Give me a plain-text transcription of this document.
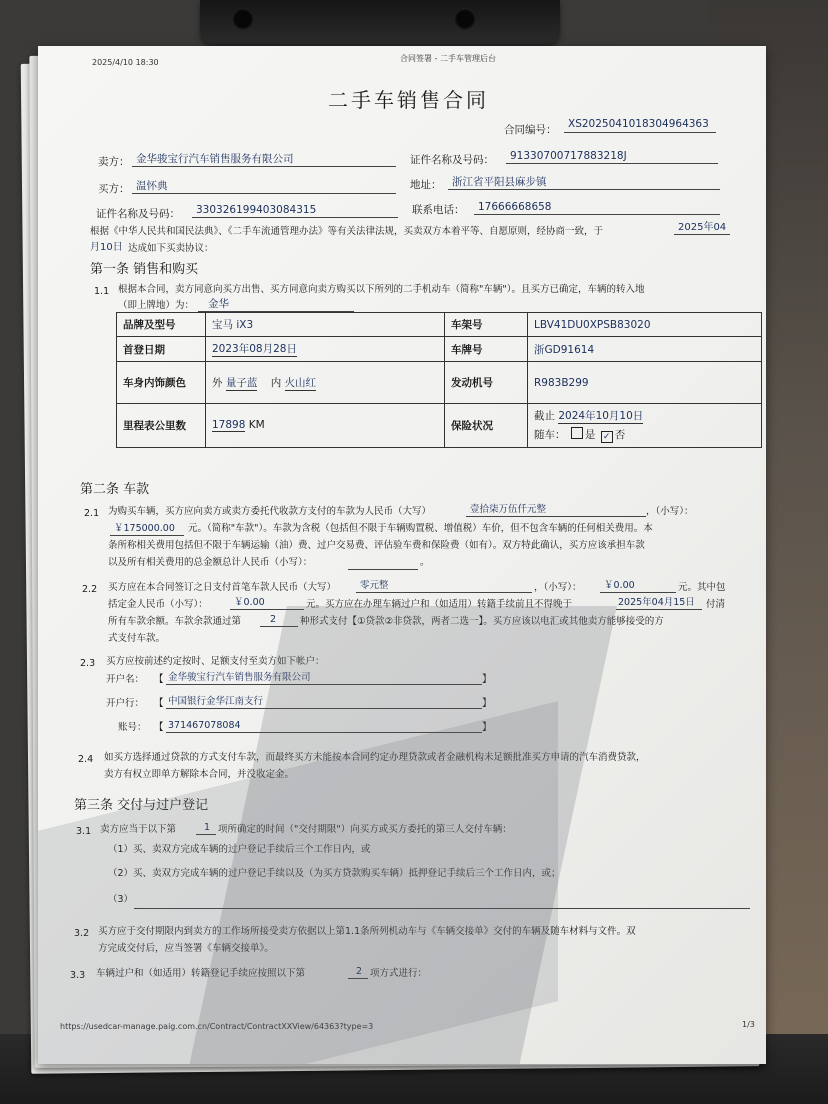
2025/4/10 18:30	合同签署 - 二手车管理后台
二手车销售合同
合同编号： XS2025041018304964363
卖方： 金华骏宝行汽车销售服务有限公司	证件名称及号码： 91330700717883218J
买方： 温怀典	地址： 浙江省平阳县麻步镇
证件名称及号码： 330326199403084315	联系电话： 17666668658
根据《中华人民共和国民法典》、《二手车流通管理办法》等有关法律法规，买卖双方本着平等、自愿原则，经协商一致，于	2025年04
月10日 达成如下买卖协议：
第一条 销售和购买
1.1 根据本合同，卖方同意向买方出售、买方同意向卖方购买以下所列的二手机动车（简称"车辆"）。且买方已确定，车辆的转入地
（即上牌地）为： 金华
品牌及型号	宝马 iX3	车架号	LBV41DU0XPSB83020
首登日期	2023年08月28日	车牌号	浙GD91614
车身内饰颜色	外 量子蓝 内 火山红	发动机号	R983B299
里程表公里数	17898 KM	保险状况	截止 2024年10月10日
随车： 是 ✓ 否
第二条 车款
2.1 为购买车辆，买方应向卖方或卖方委托代收款方支付的车款为人民币（大写）	壹拾柒万伍仟元整	，（小写）：
￥175000.00 元。（简称"车款"）。车款为含税（包括但不限于车辆购置税、增值税）车价，但不包含车辆的任何相关费用。本
条所称相关费用包括但不限于车辆运输（油）费、过户交易费、评估验车费和保险费（如有）。双方特此确认，买方应该承担车款
以及所有相关费用的总金额总计人民币（小写）：	。
2.2 买方应在本合同签订之日支付首笔车款人民币（大写）	零元整	，（小写）： ￥0.00	元。其中包
括定金人民币（小写）：	￥0.00	元。买方应在办理车辆过户和（如适用）转籍手续前且不得晚于	2025年04月15日 付清
所有车款余额。车款余款通过第	2	种形式支付【①贷款②非贷款，两者二选一】。买方应该以电汇或其他卖方能够接受的方
式支付车款。
2.3 买方应按前述约定按时、足额支付至卖方如下帐户：
开户名： 【 金华骏宝行汽车销售服务有限公司	】
开户行： 【 中国银行金华江南支行	】
账号： 【 371467078084	】
2.4 如买方选择通过贷款的方式支付车款，而最终买方未能按本合同约定办理贷款或者金融机构未足额批准买方申请的汽车消费贷款，
卖方有权立即单方解除本合同，并没收定金。
第三条 交付与过户登记
3.1 卖方应当于以下第	1 项所确定的时间（"交付期限"）向买方或买方委托的第三人交付车辆：
（1）买、卖双方完成车辆的过户登记手续后三个工作日内，或
（2）买、卖双方完成车辆的过户登记手续以及（为买方贷款购买车辆）抵押登记手续后三个工作日内，或；
（3）
3.2 买方应于交付期限内到卖方的工作场所接受卖方依据以上第1.1条所列机动车与《车辆交接单》交付的车辆及随车材料与文件。双
方完成交付后，应当签署《车辆交接单》。
3.3 车辆过户和（如适用）转籍登记手续应按照以下第	2 项方式进行：
https://usedcar-manage.paig.com.cn/Contract/ContractXXView/64363?type=3	1/3
